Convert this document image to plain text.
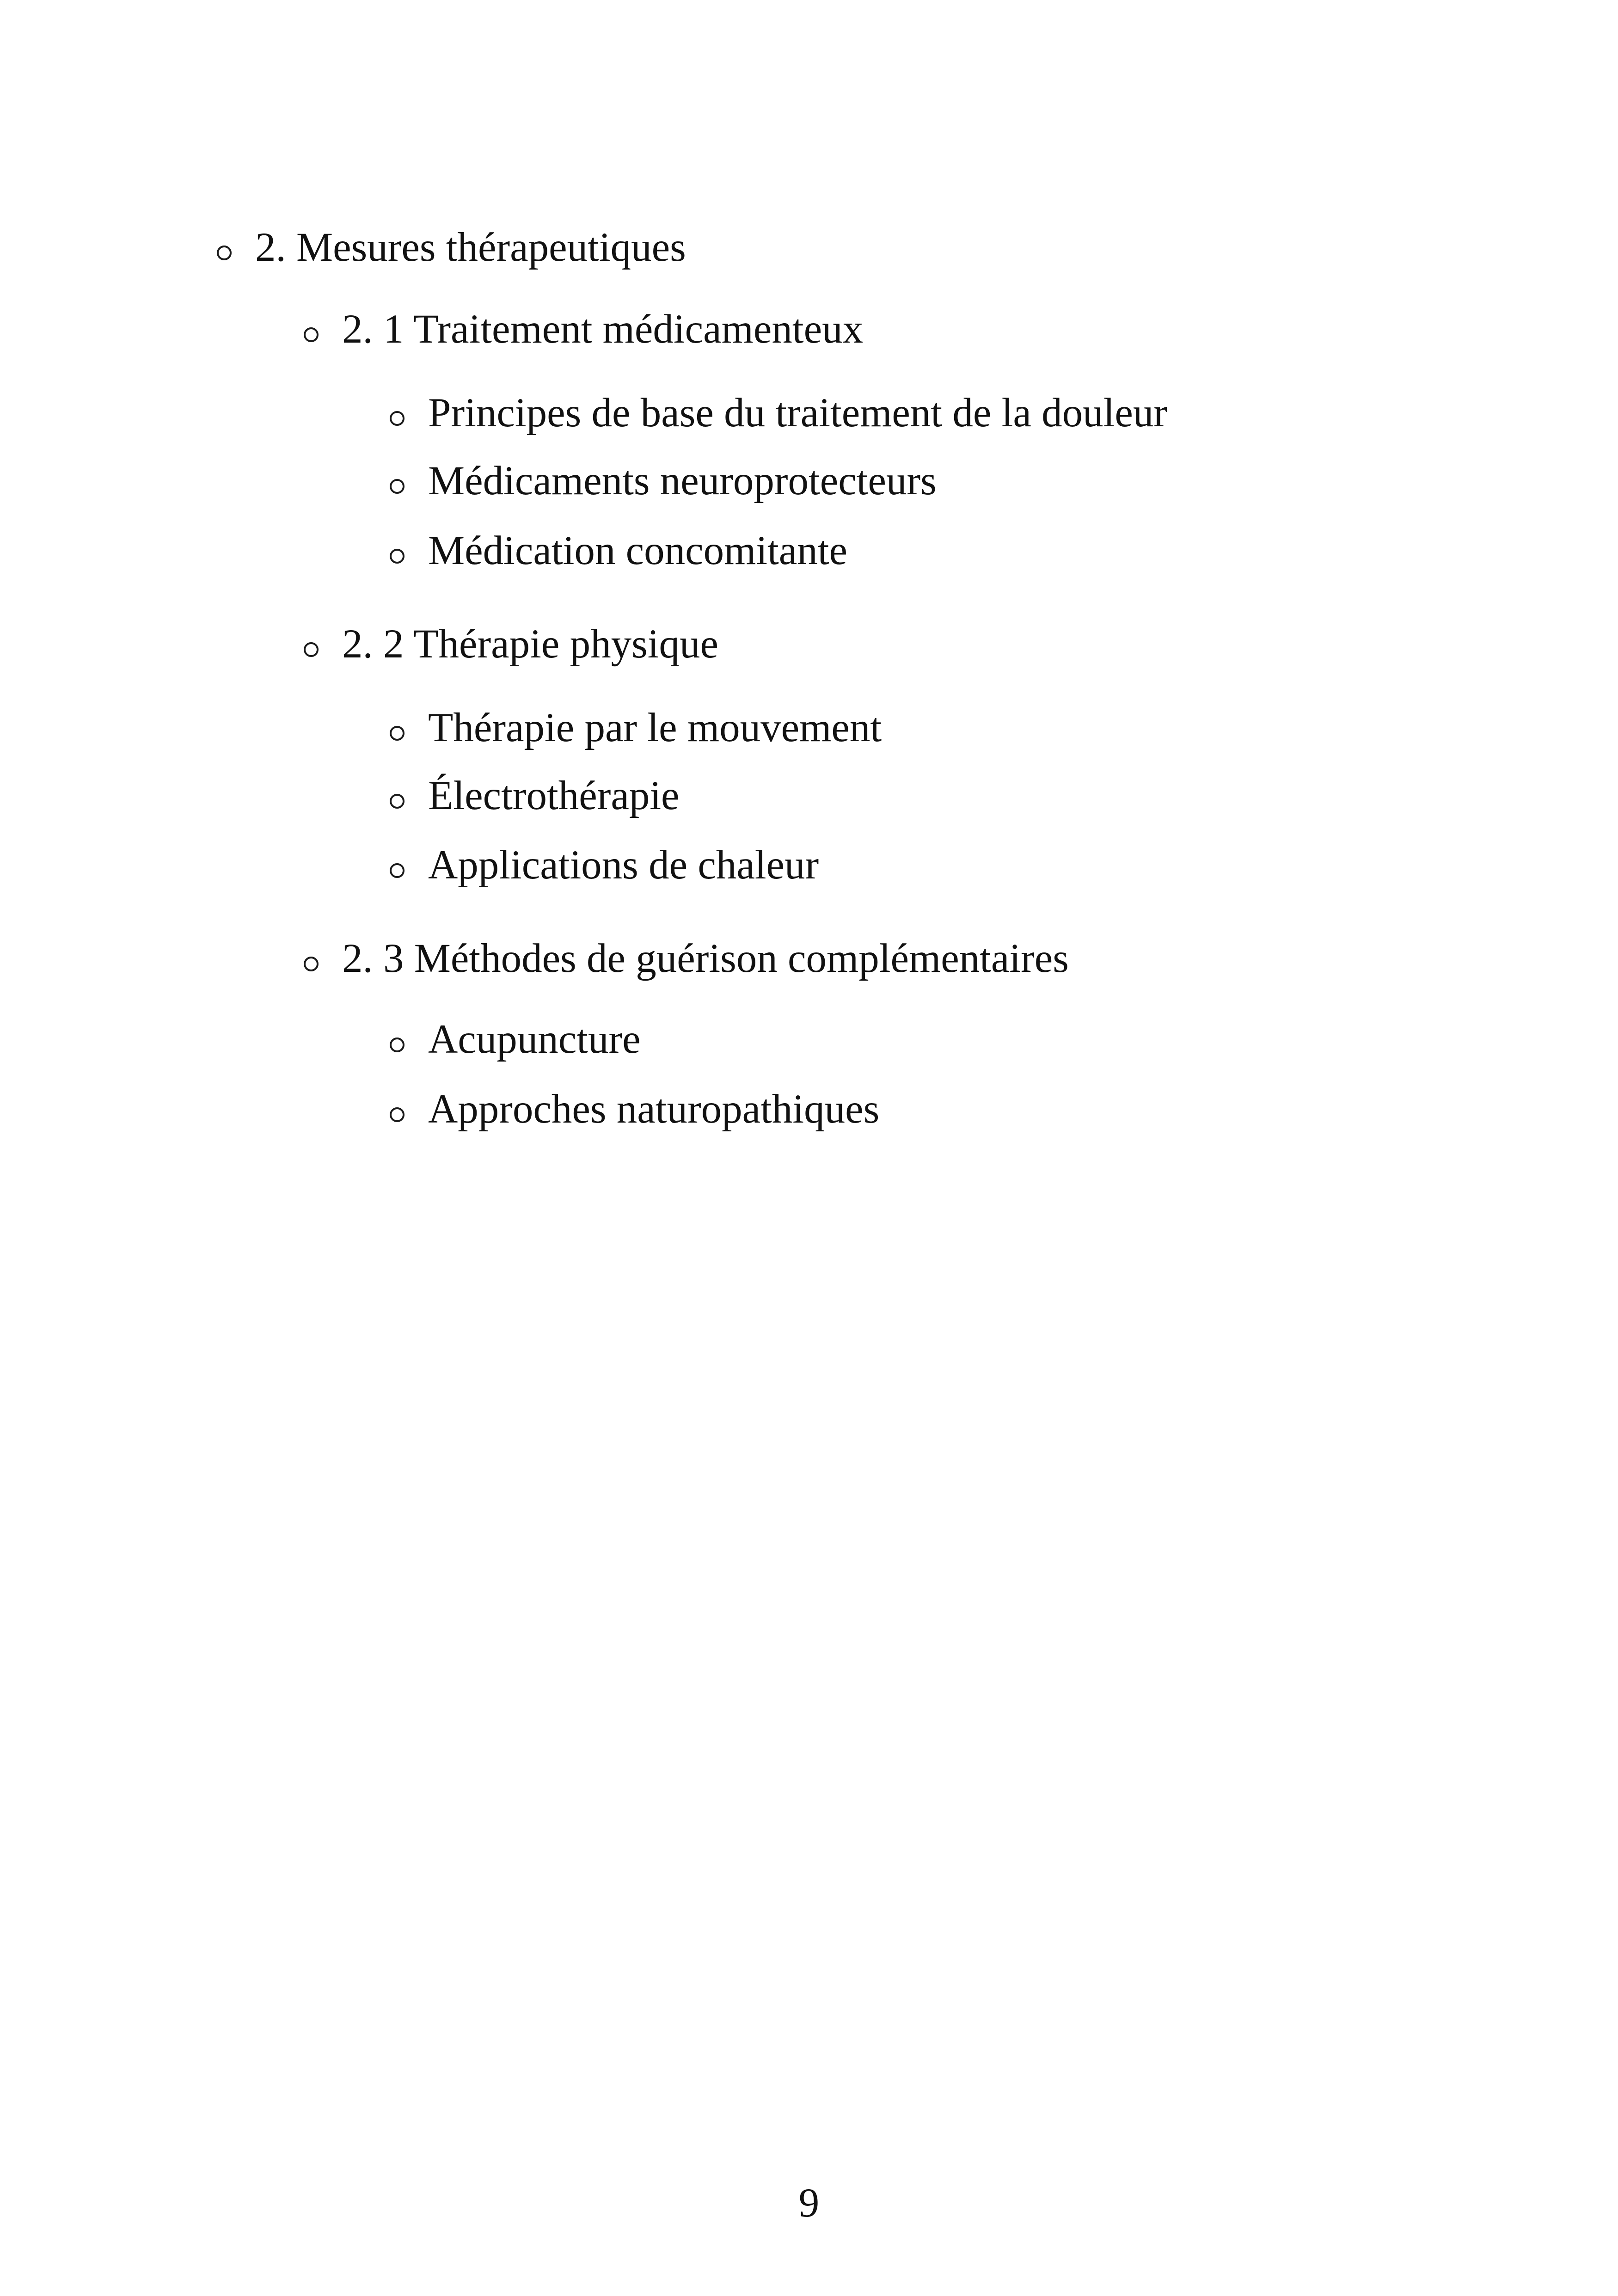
2. Mesures thérapeutiques
2. 1 Traitement médicamenteux
Principes de base du traitement de la douleur
Médicaments neuroprotecteurs
Médication concomitante
2. 2 Thérapie physique
Thérapie par le mouvement
Électrothérapie
Applications de chaleur
2. 3 Méthodes de guérison complémentaires
Acupuncture
Approches naturopathiques
9
